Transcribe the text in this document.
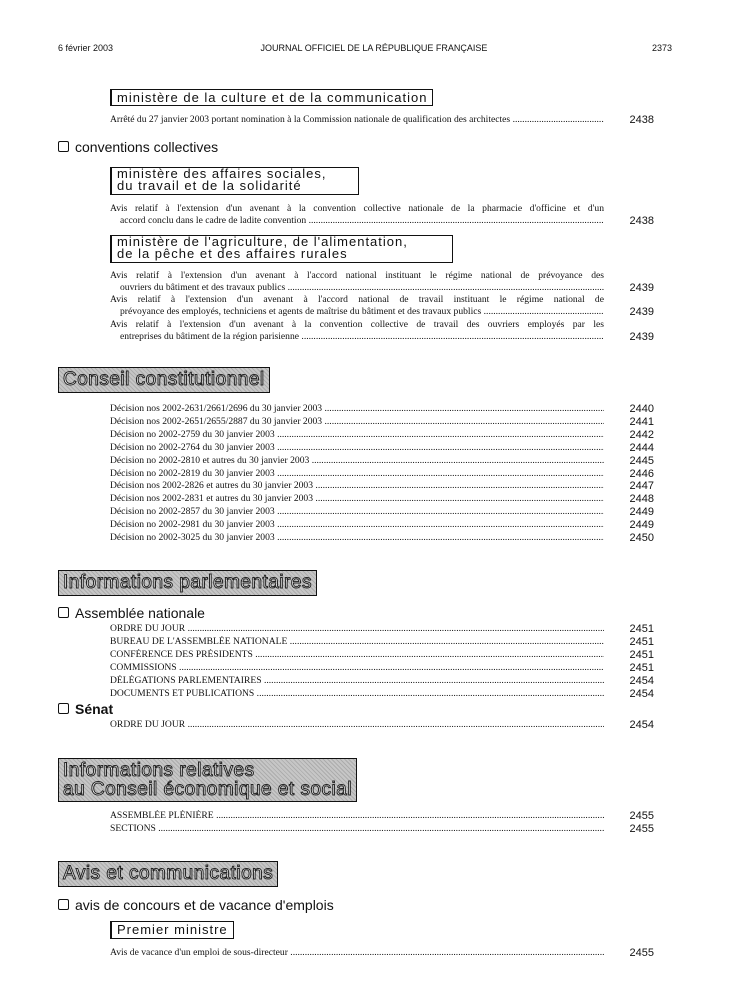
6 février 2003	JOURNAL OFFICIEL DE LA RÉPUBLIQUE FRANÇAISE	2373
ministère de la culture et de la communication
Arrêté du 27 janvier 2003 portant nomination à la Commission nationale de qualification des architectes .....	2438
conventions collectives
ministère des affaires sociales,
du travail et de la solidarité
Avis relatif à l'extension d'un avenant à la convention collective nationale de la pharmacie d'officine et d'un
accord conclu dans le cadre de ladite convention .....	2438
ministère de l'agriculture, de l'alimentation,
de la pêche et des affaires rurales
Avis relatif à l'extension d'un avenant à l'accord national instituant le régime national de prévoyance des
ouvriers du bâtiment et des travaux publics .....	2439
Avis relatif à l'extension d'un avenant à l'accord national de travail instituant le régime national de
prévoyance des employés, techniciens et agents de maîtrise du bâtiment et des travaux publics .....	2439
Avis relatif à l'extension d'un avenant à la convention collective de travail des ouvriers employés par les
entreprises du bâtiment de la région parisienne .....	2439
Conseil constitutionnel
Décision nos 2002-2631/2661/2696 du 30 janvier 2003 .....	2440
Décision nos 2002-2651/2655/2887 du 30 janvier 2003 .....	2441
Décision no 2002-2759 du 30 janvier 2003 .....	2442
Décision no 2002-2764 du 30 janvier 2003 .....	2444
Décision no 2002-2810 et autres du 30 janvier 2003 .....	2445
Décision no 2002-2819 du 30 janvier 2003 .....	2446
Décision nos 2002-2826 et autres du 30 janvier 2003 .....	2447
Décision nos 2002-2831 et autres du 30 janvier 2003 .....	2448
Décision no 2002-2857 du 30 janvier 2003 .....	2449
Décision no 2002-2981 du 30 janvier 2003 .....	2449
Décision no 2002-3025 du 30 janvier 2003 .....	2450
Informations parlementaires
Assemblée nationale
ORDRE DU JOUR .....	2451
BUREAU DE L'ASSEMBLÉE NATIONALE .....	2451
CONFÉRENCE DES PRÉSIDENTS .....	2451
COMMISSIONS .....	2451
DÉLÉGATIONS PARLEMENTAIRES .....	2454
DOCUMENTS ET PUBLICATIONS .....	2454
Sénat
ORDRE DU JOUR .....	2454
Informations relatives
au Conseil économique et social
ASSEMBLÉE PLÉNIÈRE .....	2455
SECTIONS .....	2455
Avis et communications
avis de concours et de vacance d'emplois
Premier ministre
Avis de vacance d'un emploi de sous-directeur .....	2455
